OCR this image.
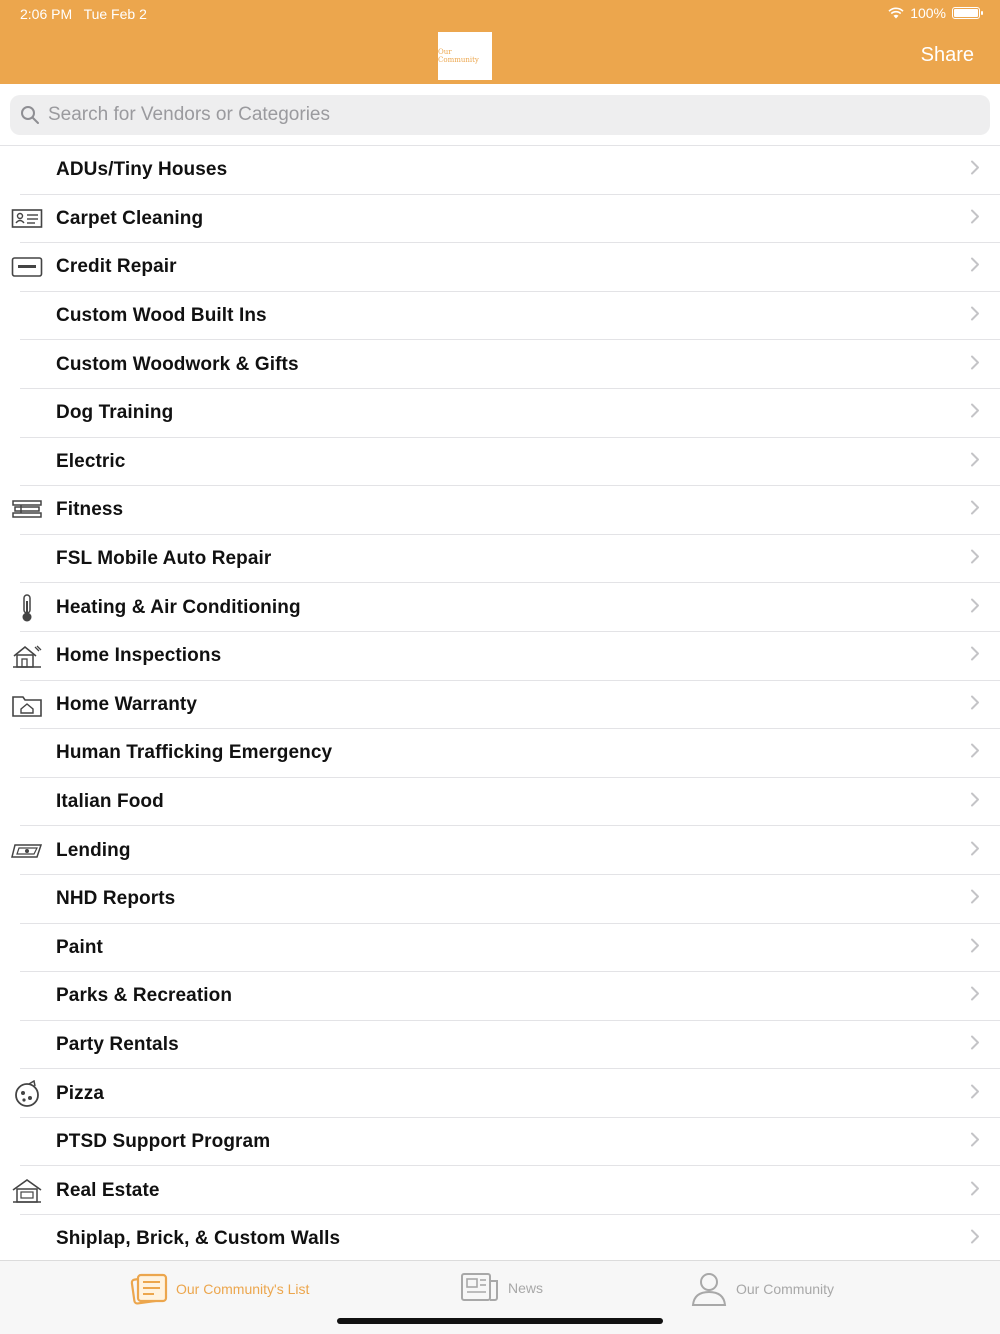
2:06 PM Tue Feb 2	100%
Our Community	Share
Search for Vendors or Categories
ADUs/Tiny Houses
Carpet Cleaning
Credit Repair
Custom Wood Built Ins
Custom Woodwork & Gifts
Dog Training
Electric
Fitness
FSL Mobile Auto Repair
Heating & Air Conditioning
Home Inspections
Home Warranty
Human Trafficking Emergency
Italian Food
Lending
NHD Reports
Paint
Parks & Recreation
Party Rentals
Pizza
PTSD Support Program
Real Estate
Shiplap, Brick, & Custom Walls
Our Community's List	News	Our Community
